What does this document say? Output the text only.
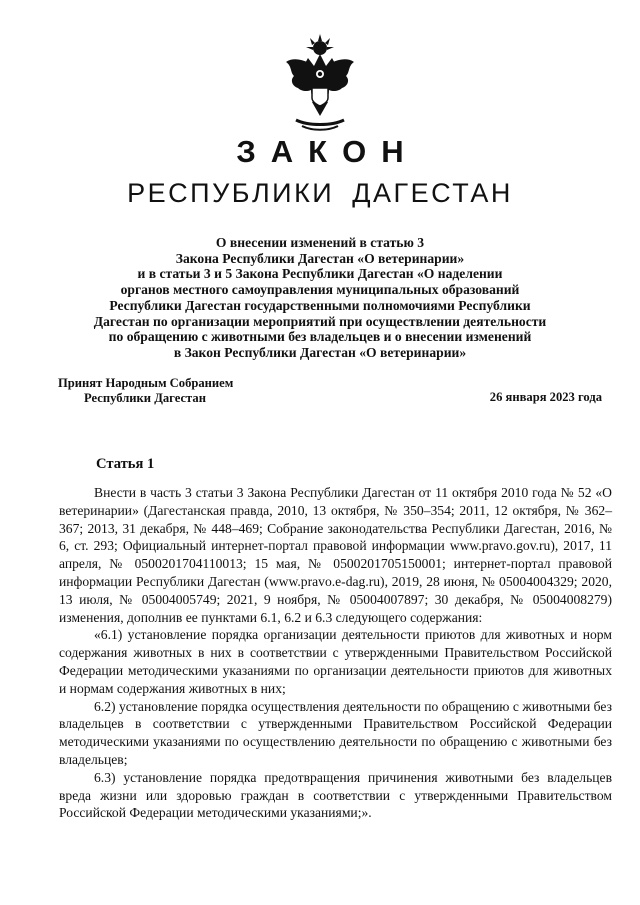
ЗАКОН
РЕСПУБЛИКИ ДАГЕСТАН
О внесении изменений в статью 3
Закона Республики Дагестан «О ветеринарии»
и в статьи 3 и 5 Закона Республики Дагестан «О наделении
органов местного самоуправления муниципальных образований
Республики Дагестан государственными полномочиями Республики
Дагестан по организации мероприятий при осуществлении деятельности
по обращению с животными без владельцев и о внесении изменений
в Закон Республики Дагестан «О ветеринарии»
Принят Народным Собранием
Республики Дагестан	26 января 2023 года
Статья 1

Внести в часть 3 статьи 3 Закона Республики Дагестан от 11 октября 2010 года № 52 «О ветеринарии» (Дагестанская правда, 2010, 13 октября, № 350–354; 2011, 12 октября, № 362–367; 2013, 31 декабря, № 448–469; Собрание законодательства Республики Дагестан, 2016, № 6, ст. 293; Официальный интернет-портал правовой информации www.pravo.gov.ru), 2017, 11 апреля, № 0500201704110013; 15 мая, № 0500201705150001; интернет-портал правовой информации Республики Дагестан (www.pravo.e-dag.ru), 2019, 28 июня, № 05004004329; 2020, 13 июля, № 05004005749; 2021, 9 ноября, № 05004007897; 30 декабря, № 05004008279) изменения, дополнив ее пунктами 6.1, 6.2 и 6.3 следующего содержания:

«6.1) установление порядка организации деятельности приютов для животных и норм содержания животных в них в соответствии с утвержденными Правительством Российской Федерации методическими указаниями по организации деятельности приютов для животных и нормам содержания животных в них;

6.2) установление порядка осуществления деятельности по обращению с животными без владельцев в соответствии с утвержденными Правительством Российской Федерации методическими указаниями по осуществлению деятельности по обращению с животными без владельцев;

6.3) установление порядка предотвращения причинения животными без владельцев вреда жизни или здоровью граждан в соответствии с утвержденными Правительством Российской Федерации методическими указаниями;».
